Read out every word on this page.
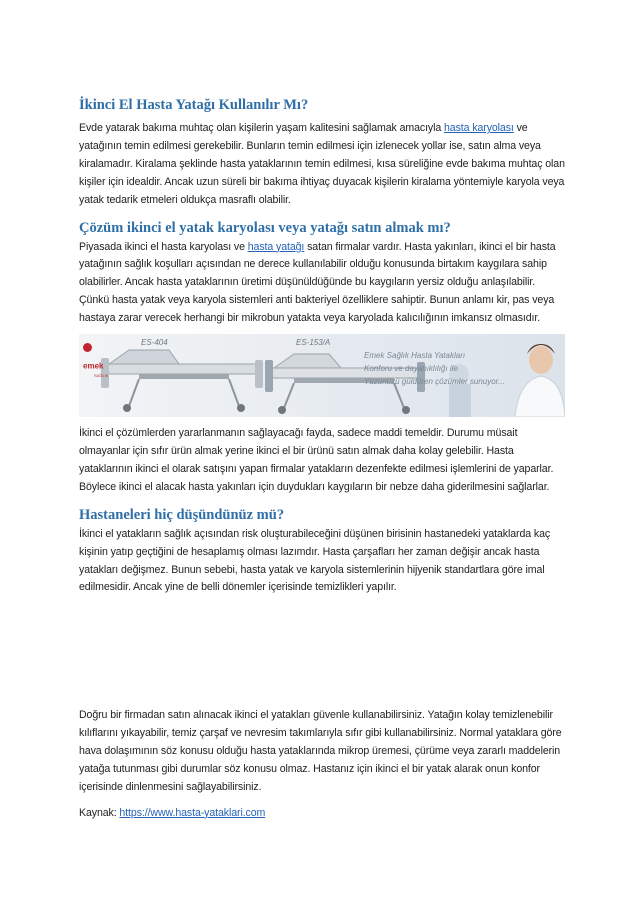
İkinci El Hasta Yatağı Kullanılır Mı?

Evde yatarak bakıma muhtaç olan kişilerin yaşam kalitesini sağlamak amacıyla hasta karyolası ve yatağının temin edilmesi gerekebilir. Bunların temin edilmesi için izlenecek yollar ise, satın alma veya kiralamadır. Kiralama şeklinde hasta yataklarının temin edilmesi, kısa süreliğine evde bakıma muhtaç olan kişiler için idealdir. Ancak uzun süreli bir bakıma ihtiyaç duyacak kişilerin kiralama yöntemiyle karyola veya yatak tedarik etmeleri oldukça masraflı olabilir.

Çözüm ikinci el yatak karyolası veya yatağı satın almak mı?

Piyasada ikinci el hasta karyolası ve hasta yatağı satan firmalar vardır. Hasta yakınları, ikinci el bir hasta yatağının sağlık koşulları açısından ne derece kullanılabilir olduğu konusunda birtakım kaygılara sahip olabilirler. Ancak hasta yataklarının üretimi düşünüldüğünde bu kaygıların yersiz olduğu anlaşılabilir. Çünkü hasta yatak veya karyola sistemleri anti bakteriyel özelliklere sahiptir. Bunun anlamı kir, pas veya hastaya zarar verecek herhangi bir mikrobun yatakta veya karyolada kalıcılığının imkansız olmasıdır.

emek
SAĞLIK
ES-404	ES-153/A
Emek Sağlık Hasta Yatakları
Konforu ve dayanıklılığı ile
Yüzünüzü güldüren çözümler sunuyor...

İkinci el çözümlerden yararlanmanın sağlayacağı fayda, sadece maddi temeldir. Durumu müsait olmayanlar için sıfır ürün almak yerine ikinci el bir ürünü satın almak daha kolay gelebilir. Hasta yataklarının ikinci el olarak satışını yapan firmalar yatakların dezenfekte edilmesi işlemlerini de yaparlar. Böylece ikinci el alacak hasta yakınları için duydukları kaygıların bir nebze daha giderilmesini sağlarlar.

Hastaneleri hiç düşündünüz mü?

İkinci el yatakların sağlık açısından risk oluşturabileceğini düşünen birisinin hastanedeki yataklarda kaç kişinin yatıp geçtiğini de hesaplamış olması lazımdır. Hasta çarşafları her zaman değişir ancak hasta yatakları değişmez. Bunun sebebi, hasta yatak ve karyola sistemlerinin hijyenik standartlara göre imal edilmesidir. Ancak yine de belli dönemler içerisinde temizlikleri yapılır.

Doğru bir firmadan satın alınacak ikinci el yatakları güvenle kullanabilirsiniz. Yatağın kolay temizlenebilir kılıflarını yıkayabilir, temiz çarşaf ve nevresim takımlarıyla sıfır gibi kullanabilirsiniz. Normal yataklara göre hava dolaşımının söz konusu olduğu hasta yataklarında mikrop üremesi, çürüme veya zararlı maddelerin yatağa tutunması gibi durumlar söz konusu olmaz. Hastanız için ikinci el bir yatak alarak onun konfor içerisinde dinlenmesini sağlayabilirsiniz.

Kaynak: https://www.hasta-yataklari.com
